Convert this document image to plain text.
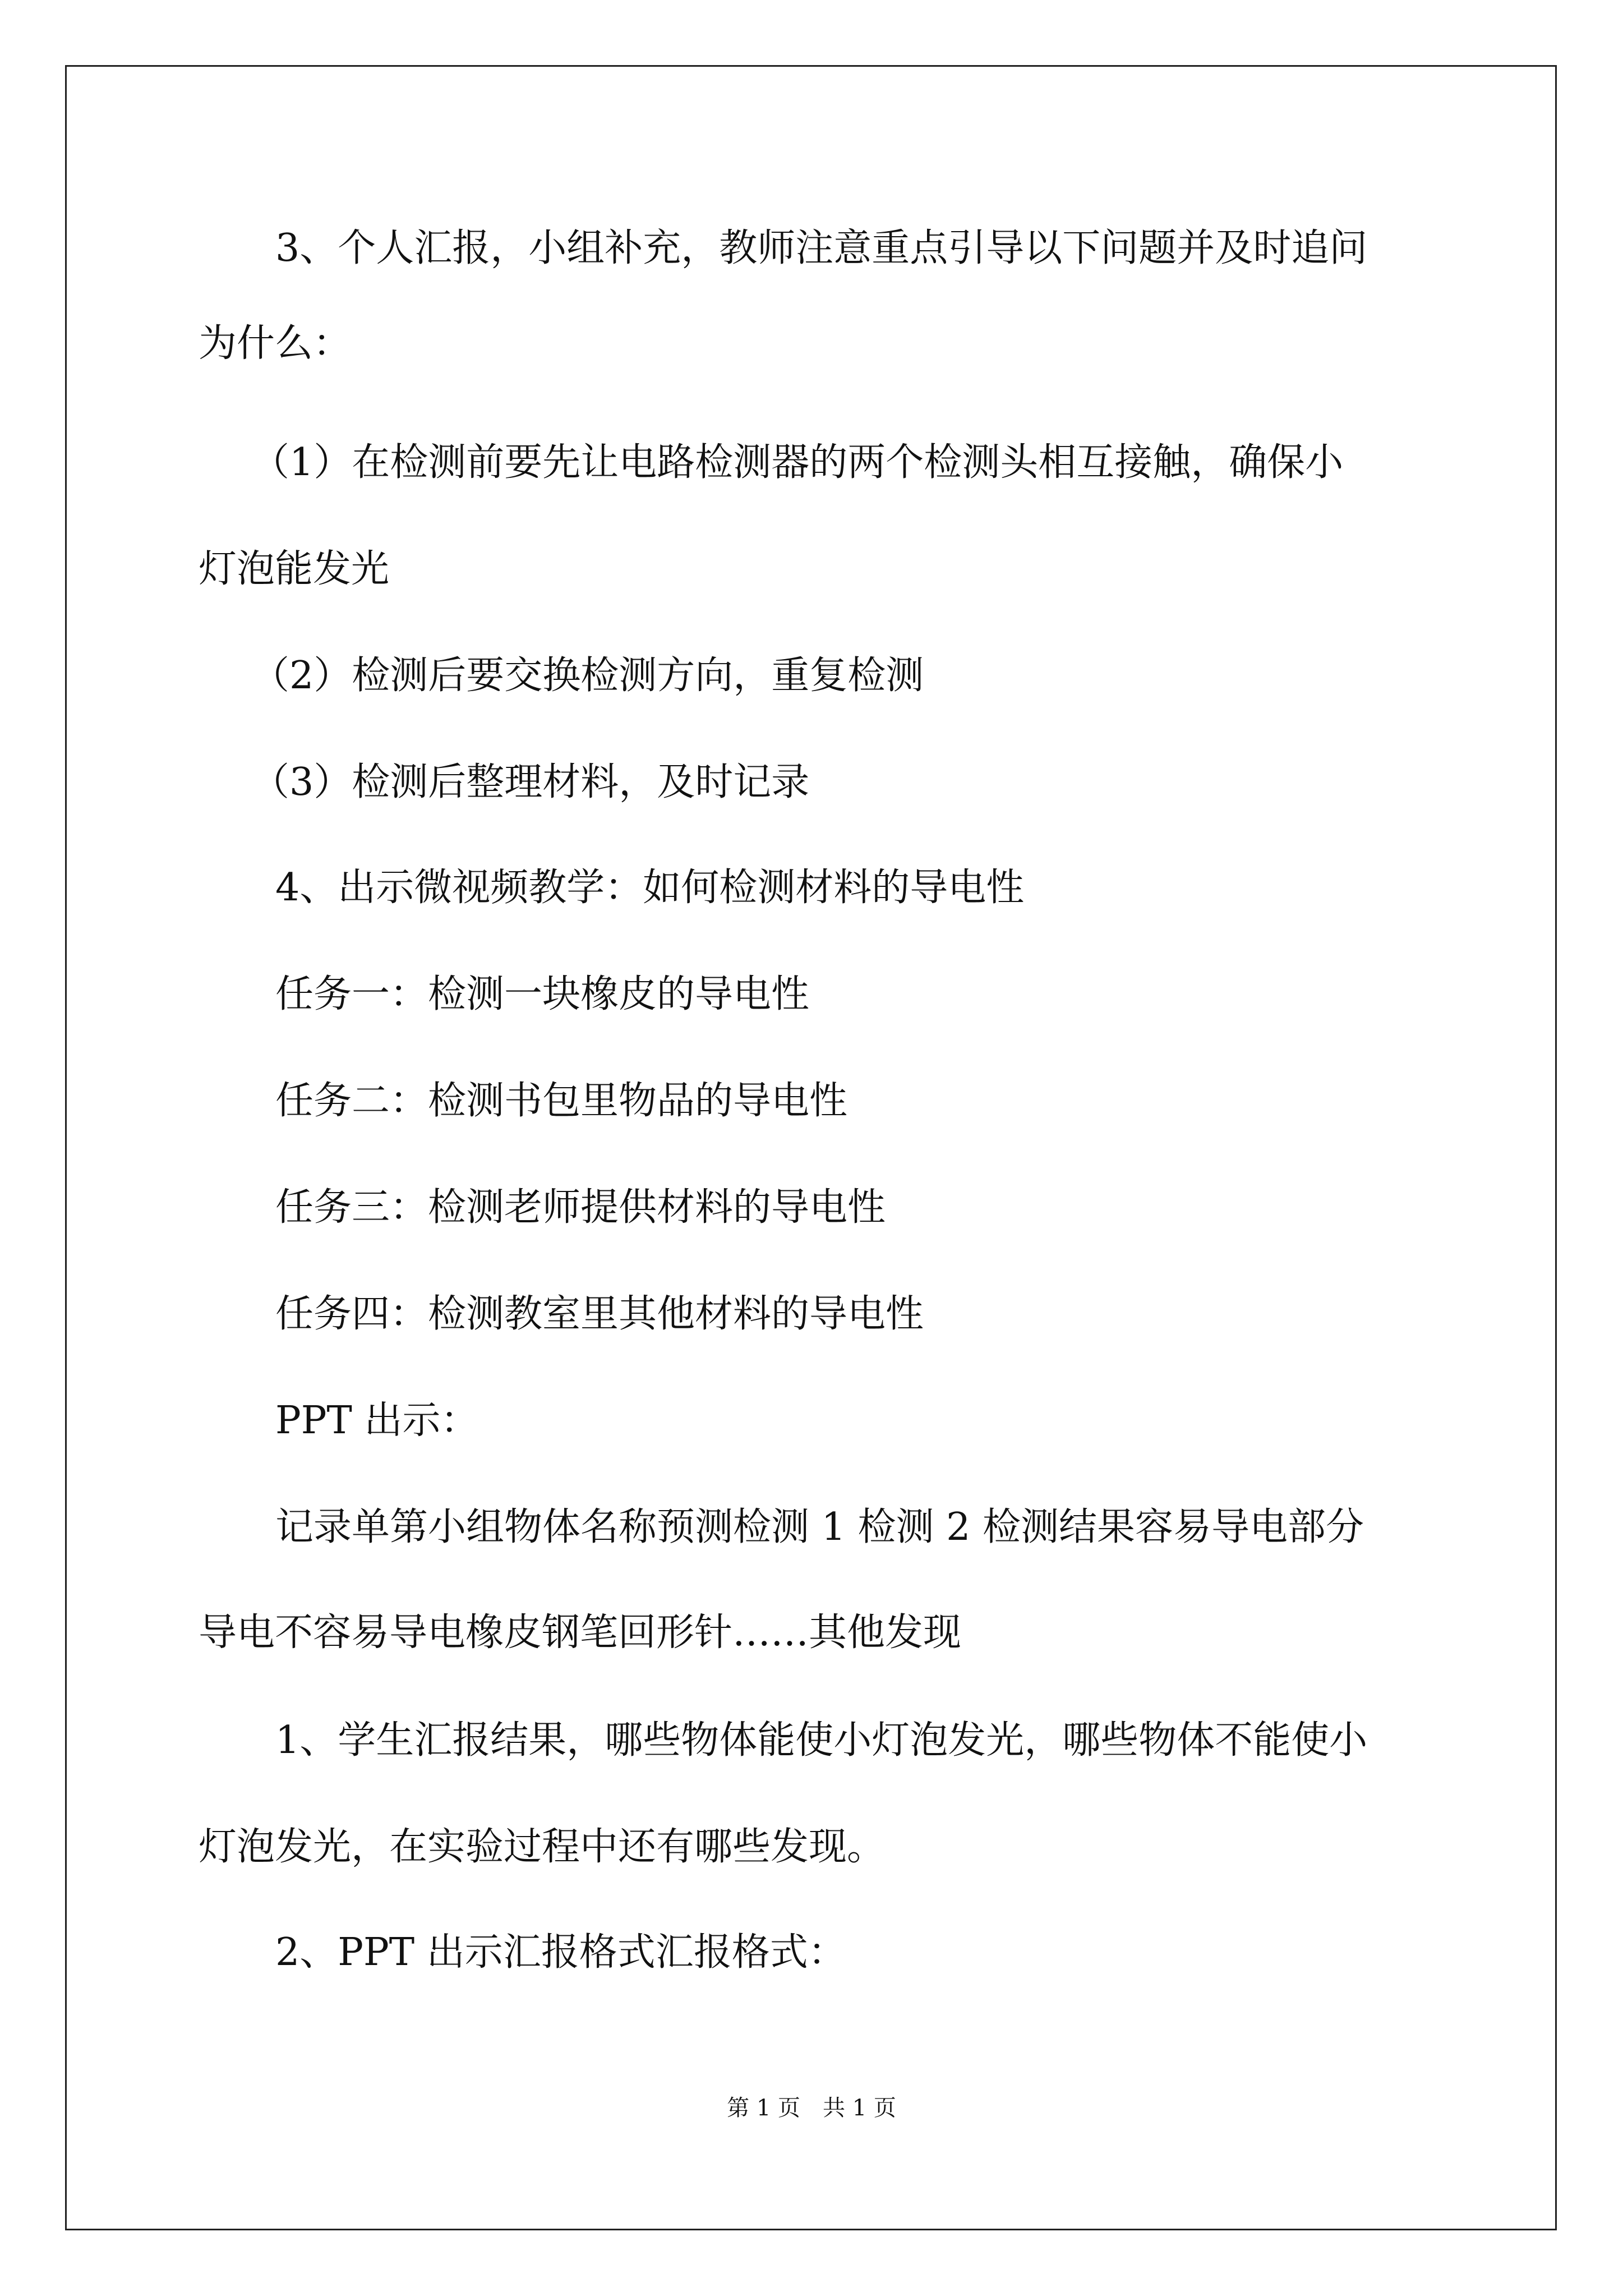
3、个人汇报，小组补充，教师注意重点引导以下问题并及时追问
为什么：
（1）在检测前要先让电路检测器的两个检测头相互接触，确保小
灯泡能发光
（2）检测后要交换检测方向，重复检测
（3）检测后整理材料，及时记录
4、出示微视频教学：如何检测材料的导电性
任务一：检测一块橡皮的导电性
任务二：检测书包里物品的导电性
任务三：检测老师提供材料的导电性
任务四：检测教室里其他材料的导电性
PPT 出示：
记录单第小组物体名称预测检测 1 检测 2 检测结果容易导电部分
导电不容易导电橡皮钢笔回形针……其他发现
1、学生汇报结果，哪些物体能使小灯泡发光，哪些物体不能使小
灯泡发光，在实验过程中还有哪些发现。
2、PPT 出示汇报格式汇报格式：
第 1 页　共 1 页
